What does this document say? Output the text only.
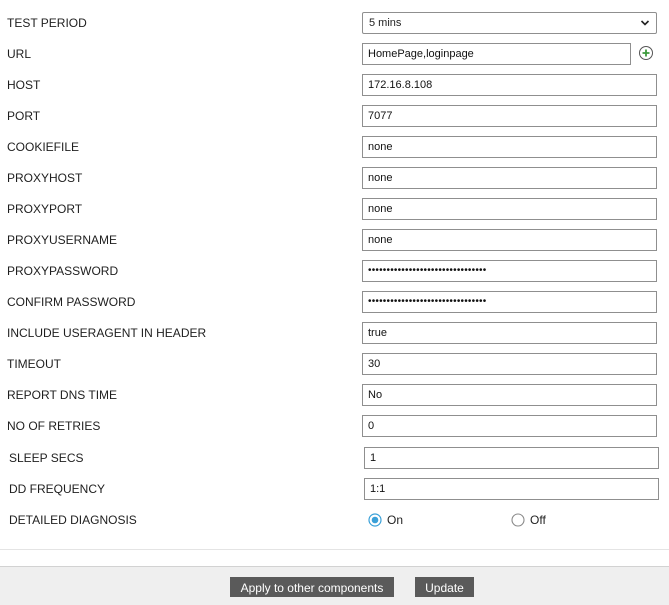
TEST PERIOD	5 mins
URL	HomePage,loginpage
HOST	172.16.8.108
PORT	7077
COOKIEFILE	none
PROXYHOST	none
PROXYPORT	none
PROXYUSERNAME	none
PROXYPASSWORD	••••••••••••••••••••••••••••••••
CONFIRM PASSWORD	••••••••••••••••••••••••••••••••
INCLUDE USERAGENT IN HEADER	true
TIMEOUT	30
REPORT DNS TIME	No
NO OF RETRIES	0
SLEEP SECS	1
DD FREQUENCY	1:1
DETAILED DIAGNOSIS	On	Off
Apply to other components	Update
